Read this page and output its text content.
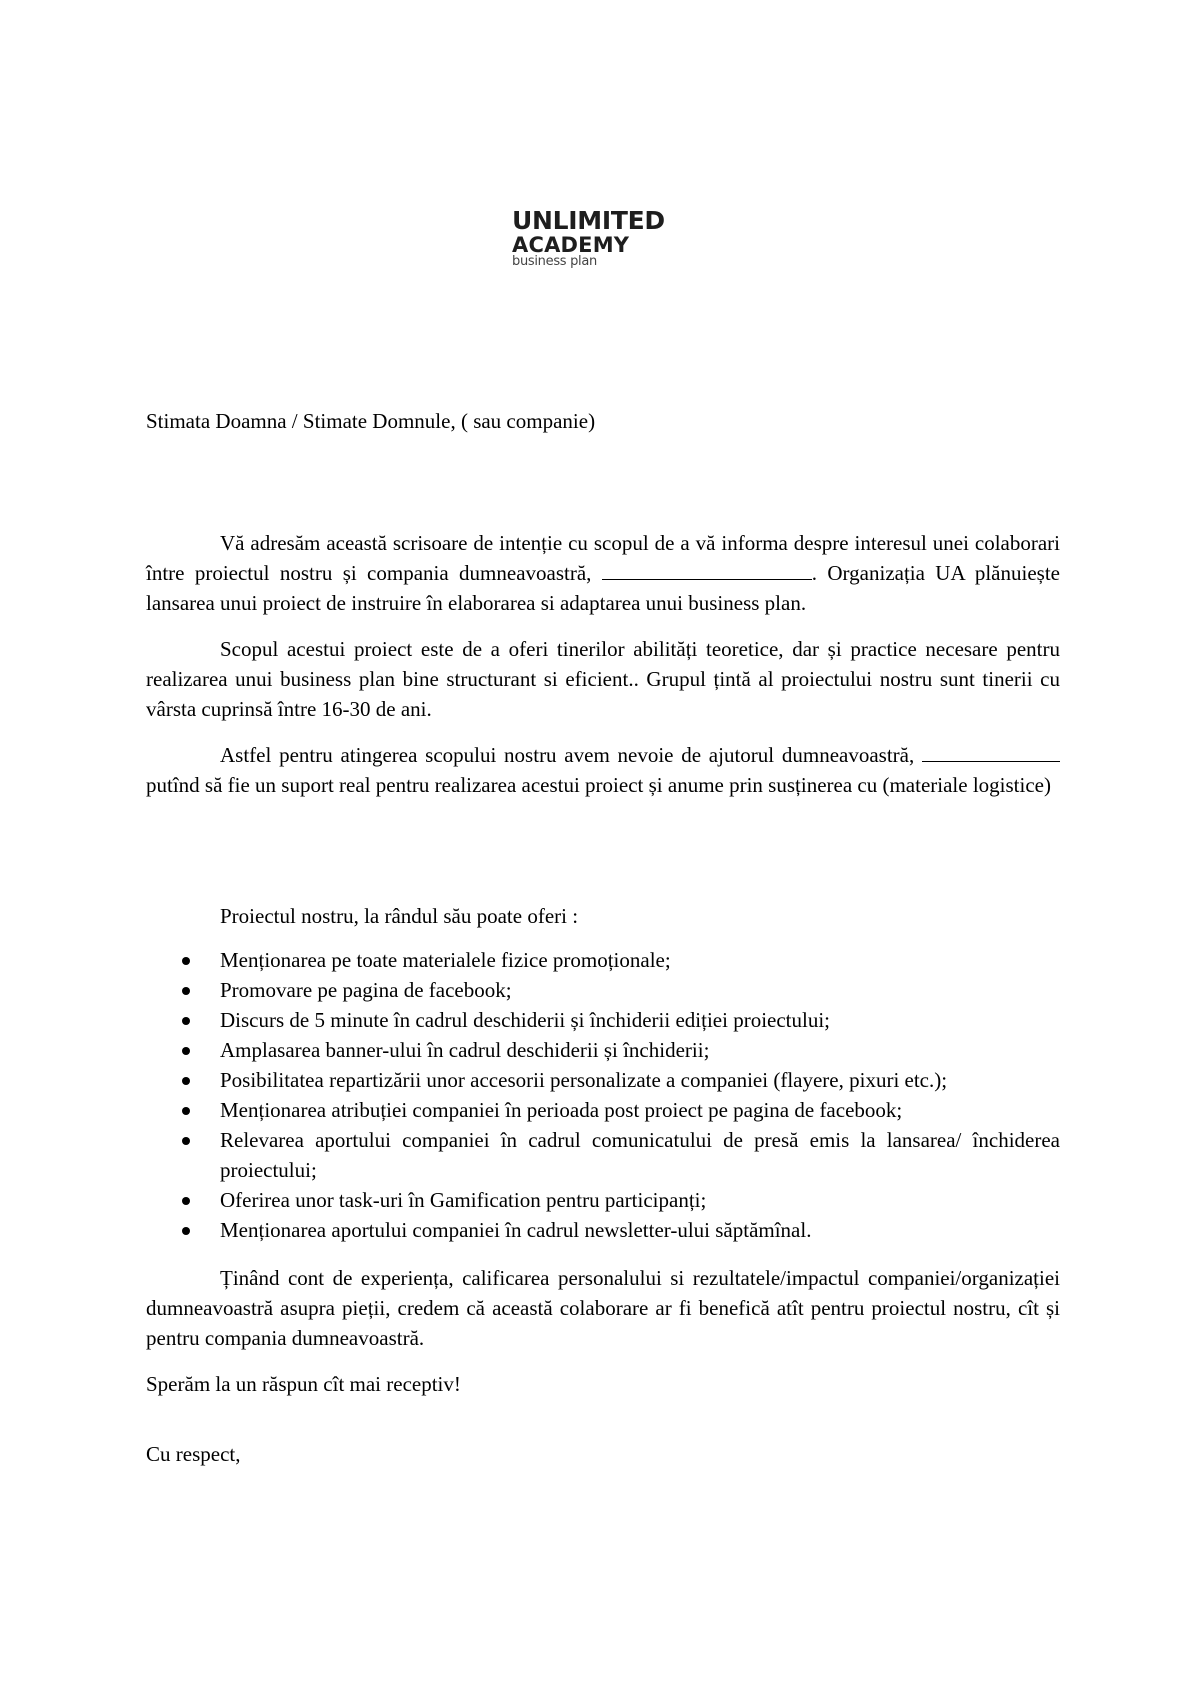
UNLIMITED
ACADEMY
business plan

Stimata Doamna / Stimate Domnule, ( sau companie)

Vă adresăm această scrisoare de intenție cu scopul de a vă informa despre interesul unei colaborari între proiectul nostru și compania dumneavoastră,	. Organizația UA plănuiește lansarea unui proiect de instruire în elaborarea si adaptarea unui business plan.

Scopul acestui proiect este de a oferi tinerilor abilități teoretice, dar și practice necesare pentru realizarea unui business plan bine structurant si eficient.. Grupul țintă al proiectului nostru sunt tinerii cu vârsta cuprinsă între 16-30 de ani.

Astfel pentru atingerea scopului nostru avem nevoie de ajutorul dumneavoastră,  putînd să fie un suport real pentru realizarea acestui proiect și anume prin susținerea cu (materiale logistice)

Proiectul nostru, la rândul său poate oferi :

Menționarea pe toate materialele fizice promoționale;
Promovare pe pagina de facebook;
Discurs de 5 minute în cadrul deschiderii și închiderii ediției proiectului;
Amplasarea banner-ului în cadrul deschiderii și închiderii;
Posibilitatea repartizării unor accesorii personalizate a companiei (flayere, pixuri etc.);
Menționarea atribuției companiei în perioada post proiect pe pagina de facebook;
Relevarea aportului companiei în cadrul comunicatului de presă emis la lansarea/ închiderea proiectului;
Oferirea unor task-uri în Gamification pentru participanți;
Menționarea aportului companiei în cadrul newsletter-ului săptămînal.

Ținând cont de experiența, calificarea personalului si rezultatele/impactul companiei/organizației dumneavoastră asupra pieții, credem că această colaborare ar fi benefică atît pentru proiectul nostru, cît și pentru compania dumneavoastră.

Sperăm la un răspun cît mai receptiv!

Cu respect,
